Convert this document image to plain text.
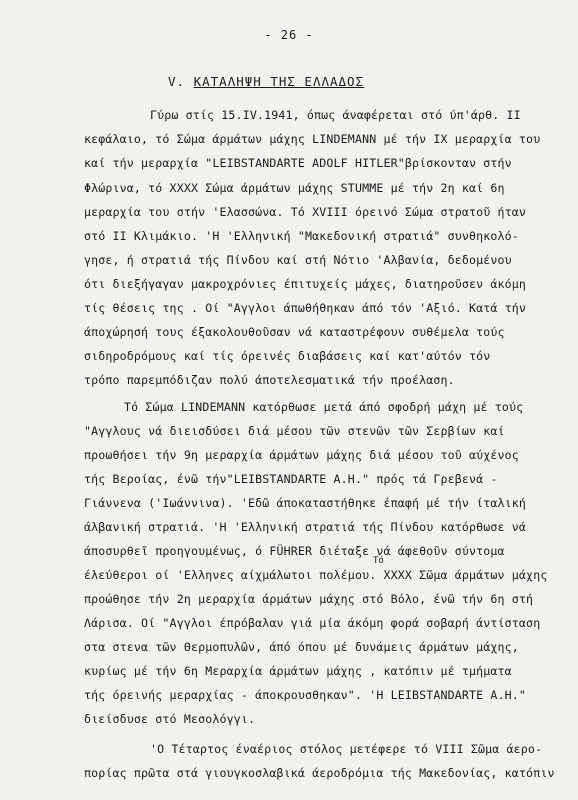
- 26 -
V. ΚΑΤΑΛΗΨΗ ΤΗΣ ΕΛΛΑΔΟΣ
Γύρω στίς 15.IV.1941, όπως άναφέρεται στό ύπ'άρθ. II
κεφάλαιο, τό Σώμα άρμάτων μάχης LINDEMANN μέ τήν IX μεραρχία του
καί τήν μεραρχία "LEIBSTANDARTE ADOLF HITLER"βρίσκονταν στήν
Φλώρινα, τό ΧΧΧΧ Σώμα άρμάτων μάχης STUMME μέ τήν 2η καί 6η
μεραρχία του στήν 'Ελασσώνα. Τό XVIII όρεινό Σώμα στρατοῦ ήταν
στό ΙΙ Κλιμάκιο. 'Η 'Ελληνική "Μακεδονική στρατιά" συνθηκολό-
γησε, ή στρατιά τής Πίνδου καί στή Νότιο 'Αλβανία, δεδομένου
ότι διεξήγαγαν μακροχρόνιες έπιτυχείς μάχες, διατηροῦσεν άκόμη
τίς θέσεις της . Οί "Αγγλοι άπωθήθηκαν άπό τόν 'Αξιό. Κατά τήν
άποχώρησή τους έξακολουθοῦσαν νά καταστρέφουν συθέμελα τούς
σιδηροδρόμους καί τίς όρεινές διαβάσεις καί κατ'αύτόν τόν
τρόπο παρεμπόδιζαν πολύ άποτελεσματικά τήν προέλαση.
Τό Σώμα LINDEMANN κατόρθωσε μετά άπό σφοδρή μάχη μέ τούς
"Αγγλους νά διεισδύσει διά μέσου τῶν στενῶν τῶν Σερβίων καί
προωθήσει τήν 9η μεραρχία άρμάτων μάχης διά μέσου τοῦ αύχένος
τής Βεροίας, ένῶ τήν"LEIBSTANDARTE A.H." πρός τά Γρεβενά -
Γιάννενα ('Ιωάννινα). 'Εδῶ άποκαταστήθηκε έπαφή μέ τήν ίταλική
άλβανική στρατιά. 'Η 'Ελληνική στρατιά τής Πίνδου κατόρθωσε νά
άποσυρθεῖ προηγουμένως, ό FÜHRER διέταξε νά άφεθοῦν σύντομα
Τό
έλεύθεροι οί 'Ελληνες αίχμάλωτοι πολέμου. ΧΧΧΧ Σῶμα άρμάτων μάχης
προώθησε τήν 2η μεραρχία άρμάτων μάχης στό Βόλο, ένῶ τήν 6η στή
Λάρισα. Οί "Αγγλοι έπρόβαλαν γιά μία άκόμη φορά σοβαρή άντίσταση
στα στενα τῶν Θερμοπυλῶν, άπό όπου μέ δυνάμεις άρμάτων μάχης,
κυρίως μέ τήν 6η Μεραρχία άρμάτων μάχης , κατόπιν μέ τμήματα
τής όρεινής μεραρχίας - άποκρουσθηκαν". 'Η LEIBSTANDARTE A.H."
διείσδυσε στό Μεσολόγγι.
'Ο Τέταρτος έναέριος στόλος μετέφερε τό VIII Σῶμα άερο-
πορίας πρῶτα στά γιουγκοσλαβικά άεροδρόμια τής Μακεδονίας, κατόπιν
